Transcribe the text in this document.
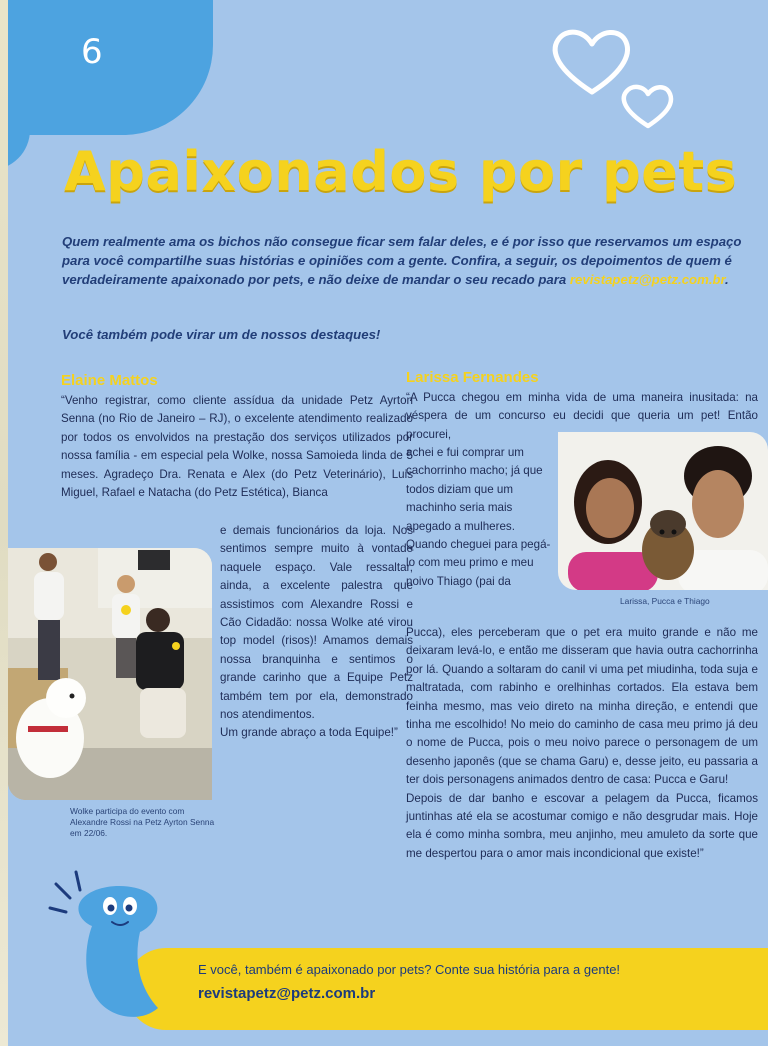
6
Apaixonados por pets
Quem realmente ama os bichos não consegue ficar sem falar deles, e é por isso que reservamos um espaço para você compartilhe suas histórias e opiniões com a gente. Confira, a seguir, os depoimentos de quem é verdadeiramente apaixonado por pets, e não deixe de mandar o seu recado para revistapetz@petz.com.br.
Você também pode virar um de nossos destaques!
Elaine Mattos

“Venho registrar, como cliente assídua da unidade Petz Ayrton Senna (no Rio de Janeiro – RJ), o excelente atendimento realizado por todos os envolvidos na prestação dos serviços utilizados por nossa família - em especial pela Wolke, nossa Samoieda linda de 5 meses. Agradeço Dra. Renata e Alex (do Petz Veterinário), Luis Miguel, Rafael e Natacha (do Petz Estética), Bianca

e demais funcionários da loja. Nos sentimos sempre muito à vontade naquele espaço. Vale ressaltar, ainda, a excelente palestra que assistimos com Alexandre Rossi e Cão Cidadão: nossa Wolke até virou top model (risos)! Amamos demais nossa branquinha e sentimos o grande carinho que a Equipe Petz também tem por ela, demonstrado nos atendimentos.

Um grande abraço a toda Equipe!”

Wolke participa do evento com Alexandre Rossi na Petz Ayrton Senna em 22/06.
Larissa Fernandes

“A Pucca chegou em minha vida de uma maneira inusitada: na véspera de um concurso eu decidi que queria um pet! Então procurei,

achei e fui comprar um cachorrinho macho; já que todos diziam que um machinho seria mais apegado a mulheres. Quando cheguei para pegá-lo com meu primo e meu noivo Thiago (pai da

Larissa, Pucca e Thiago

Pucca), eles perceberam que o pet era muito grande e não me deixaram levá-lo, e então me disseram que havia outra cachorrinha por lá. Quando a soltaram do canil vi uma pet miudinha, toda suja e maltratada, com rabinho e orelhinhas cortados. Ela estava bem feinha mesmo, mas veio direto na minha direção, e entendi que tinha me escolhido! No meio do caminho de casa meu primo já deu o nome de Pucca, pois o meu noivo parece o personagem de um desenho japonês (que se chama Garu) e, desse jeito, eu passaria a ter dois personagens animados dentro de casa: Pucca e Garu!

Depois de dar banho e escovar a pelagem da Pucca, ficamos juntinhas até ela se acostumar comigo e não desgrudar mais. Hoje ela é como minha sombra, meu anjinho, meu amuleto da sorte que me despertou para o amor mais incondicional que existe!”

E você, também é apaixonado por pets? Conte sua história para a gente!
revistapetz@petz.com.br
